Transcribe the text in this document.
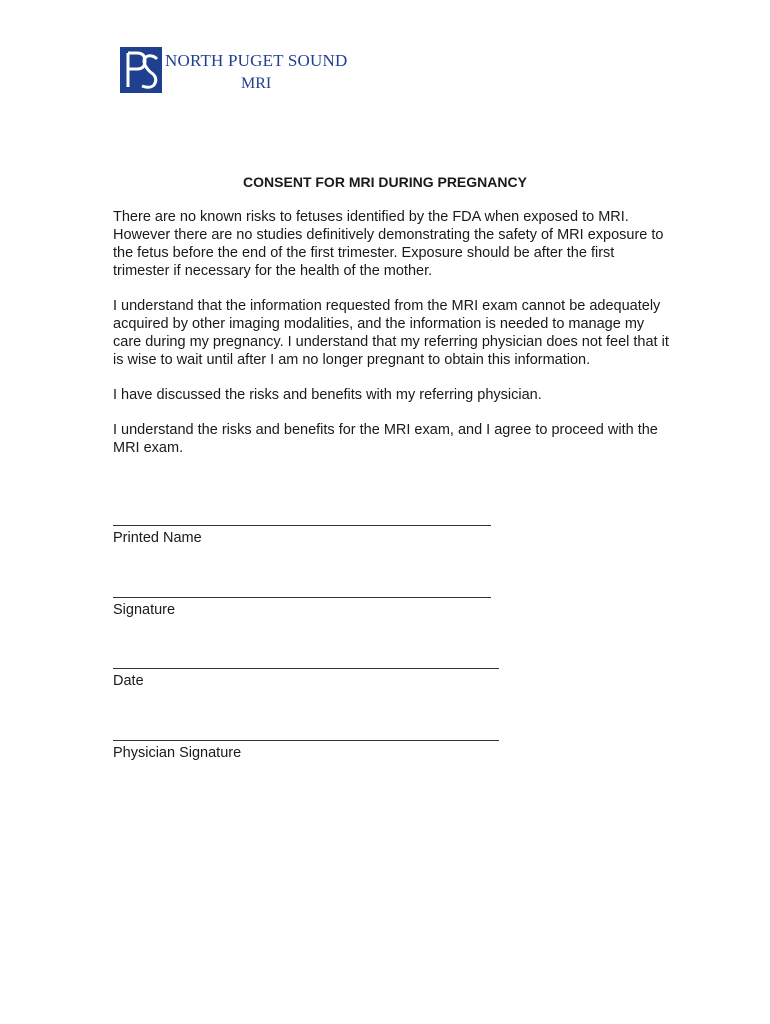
NORTH PUGET SOUND
MRI
CONSENT FOR MRI DURING PREGNANCY

There are no known risks to fetuses identified by the FDA when exposed to MRI. However there are no studies definitively demonstrating the safety of MRI exposure to the fetus before the end of the first trimester. Exposure should be after the first trimester if necessary for the health of the mother.

I understand that the information requested from the MRI exam cannot be adequately acquired by other imaging modalities, and the information is needed to manage my care during my pregnancy. I understand that my referring physician does not feel that it is wise to wait until after I am no longer pregnant to obtain this information.

I have discussed the risks and benefits with my referring physician.

I understand the risks and benefits for the MRI exam, and I agree to proceed with the MRI exam.

Printed Name
Signature
Date
Physician Signature
